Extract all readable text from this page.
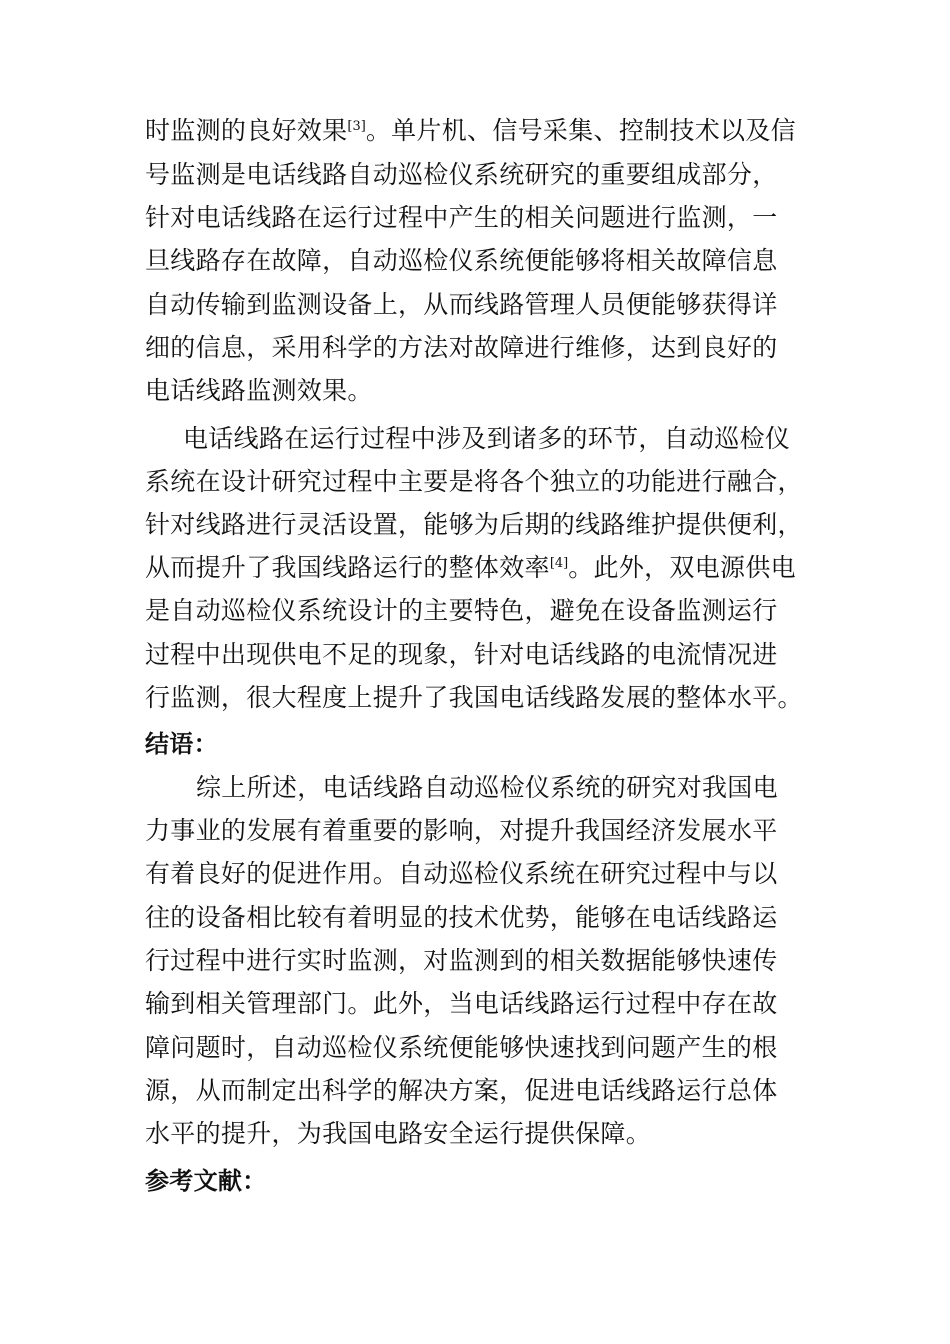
时监测的良好效果[3]。单片机、信号采集、控制技术以及信
号监测是电话线路自动巡检仪系统研究的重要组成部分，
针对电话线路在运行过程中产生的相关问题进行监测，一
旦线路存在故障，自动巡检仪系统便能够将相关故障信息
自动传输到监测设备上，从而线路管理人员便能够获得详
细的信息，采用科学的方法对故障进行维修，达到良好的
电话线路监测效果。
电话线路在运行过程中涉及到诸多的环节，自动巡检仪
系统在设计研究过程中主要是将各个独立的功能进行融合，
针对线路进行灵活设置，能够为后期的线路维护提供便利，
从而提升了我国线路运行的整体效率[4]。此外，双电源供电
是自动巡检仪系统设计的主要特色，避免在设备监测运行
过程中出现供电不足的现象，针对电话线路的电流情况进
行监测，很大程度上提升了我国电话线路发展的整体水平。
结语：
综上所述，电话线路自动巡检仪系统的研究对我国电
力事业的发展有着重要的影响，对提升我国经济发展水平
有着良好的促进作用。自动巡检仪系统在研究过程中与以
往的设备相比较有着明显的技术优势，能够在电话线路运
行过程中进行实时监测，对监测到的相关数据能够快速传
输到相关管理部门。此外，当电话线路运行过程中存在故
障问题时，自动巡检仪系统便能够快速找到问题产生的根
源，从而制定出科学的解决方案，促进电话线路运行总体
水平的提升，为我国电路安全运行提供保障。
参考文献：
